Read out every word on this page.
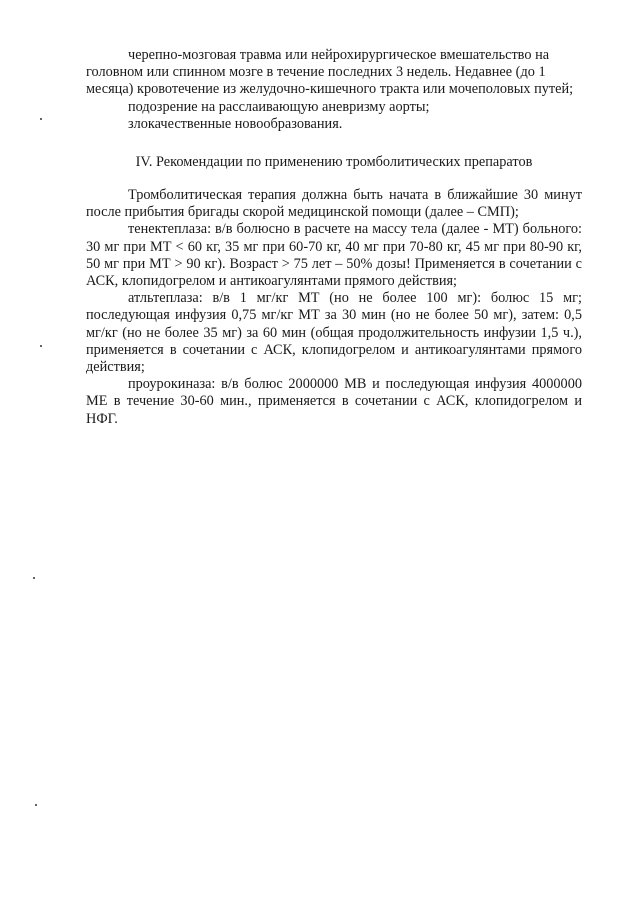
черепно-мозговая травма или нейрохирургическое вмешательство на

головном или спинном мозге в течение последних 3 недель. Недавнее (до 1

месяца) кровотечение из желудочно-кишечного тракта или мочеполовых путей;

подозрение на расслаивающую аневризму аорты;

злокачественные новообразования.

IV. Рекомендации по применению тромболитических препаратов

Тромболитическая терапия должна быть начата в ближайшие 30 минут после прибытия бригады скорой медицинской помощи (далее – СМП);

тенектеплаза: в/в болюсно в расчете на массу тела (далее - МТ) больного: 30 мг при МТ < 60 кг, 35 мг при 60-70 кг, 40 мг при 70-80 кг, 45 мг при 80-90 кг, 50 мг при МТ > 90 кг). Возраст > 75 лет – 50% дозы! Применяется в сочетании с АСК, клопидогрелом и антикоагулянтами прямого действия;

атльтеплаза: в/в 1 мг/кг МТ (но не более 100 мг): болюс 15 мг; последующая инфузия 0,75 мг/кг МТ за 30 мин (но не более 50 мг), затем: 0,5 мг/кг (но не более 35 мг) за 60 мин (общая продолжительность инфузии 1,5 ч.), применяется в сочетании с АСК, клопидогрелом и антикоагулянтами прямого действия;

проурокиназа: в/в болюс 2000000 МВ и последующая инфузия 4000000 МЕ в течение 30-60 мин., применяется в сочетании с АСК, клопидогрелом и НФГ.
